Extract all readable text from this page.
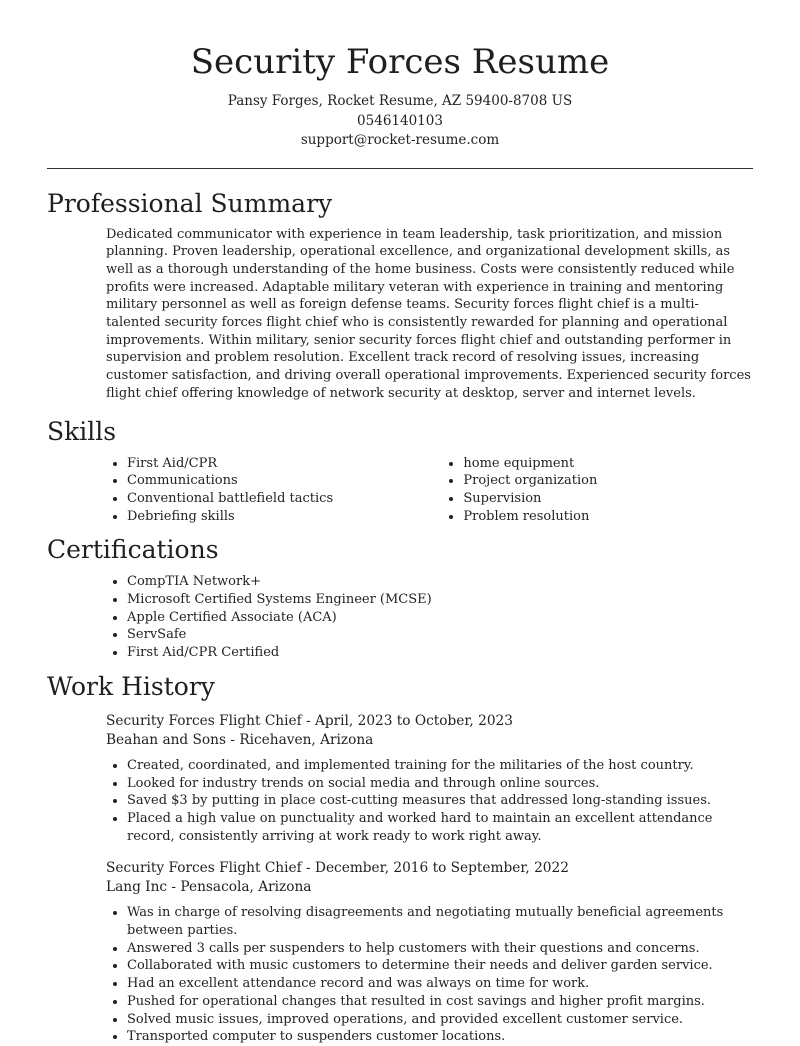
Security Forces Resume
Pansy Forges, Rocket Resume, AZ 59400-8708 US
0546140103
support@rocket-resume.com
Professional Summary

Dedicated communicator with experience in team leadership, task prioritization, and mission planning. Proven leadership, operational excellence, and organizational development skills, as well as a thorough understanding of the home business. Costs were consistently reduced while profits were increased. Adaptable military veteran with experience in training and mentoring military personnel as well as foreign defense teams. Security forces flight chief is a multi-talented security forces flight chief who is consistently rewarded for planning and operational improvements. Within military, senior security forces flight chief and outstanding performer in supervision and problem resolution. Excellent track record of resolving issues, increasing customer satisfaction, and driving overall operational improvements. Experienced security forces flight chief offering knowledge of network security at desktop, server and internet levels.

Skills
• First Aid/CPR
• Communications
• Conventional battlefield tactics
• Debriefing skills
• home equipment
• Project organization
• Supervision
• Problem resolution
Certifications
• CompTIA Network+
• Microsoft Certified Systems Engineer (MCSE)
• Apple Certified Associate (ACA)
• ServSafe
• First Aid/CPR Certified
Work History
Security Forces Flight Chief - April, 2023 to October, 2023
Beahan and Sons - Ricehaven, Arizona
• Created, coordinated, and implemented training for the militaries of the host country.
• Looked for industry trends on social media and through online sources.
• Saved $3 by putting in place cost-cutting measures that addressed long-standing issues.
• Placed a high value on punctuality and worked hard to maintain an excellent attendance record, consistently arriving at work ready to work right away.
Security Forces Flight Chief - December, 2016 to September, 2022
Lang Inc - Pensacola, Arizona
• Was in charge of resolving disagreements and negotiating mutually beneficial agreements between parties.
• Answered 3 calls per suspenders to help customers with their questions and concerns.
• Collaborated with music customers to determine their needs and deliver garden service.
• Had an excellent attendance record and was always on time for work.
• Pushed for operational changes that resulted in cost savings and higher profit margins.
• Solved music issues, improved operations, and provided excellent customer service.
• Transported computer to suspenders customer locations.
